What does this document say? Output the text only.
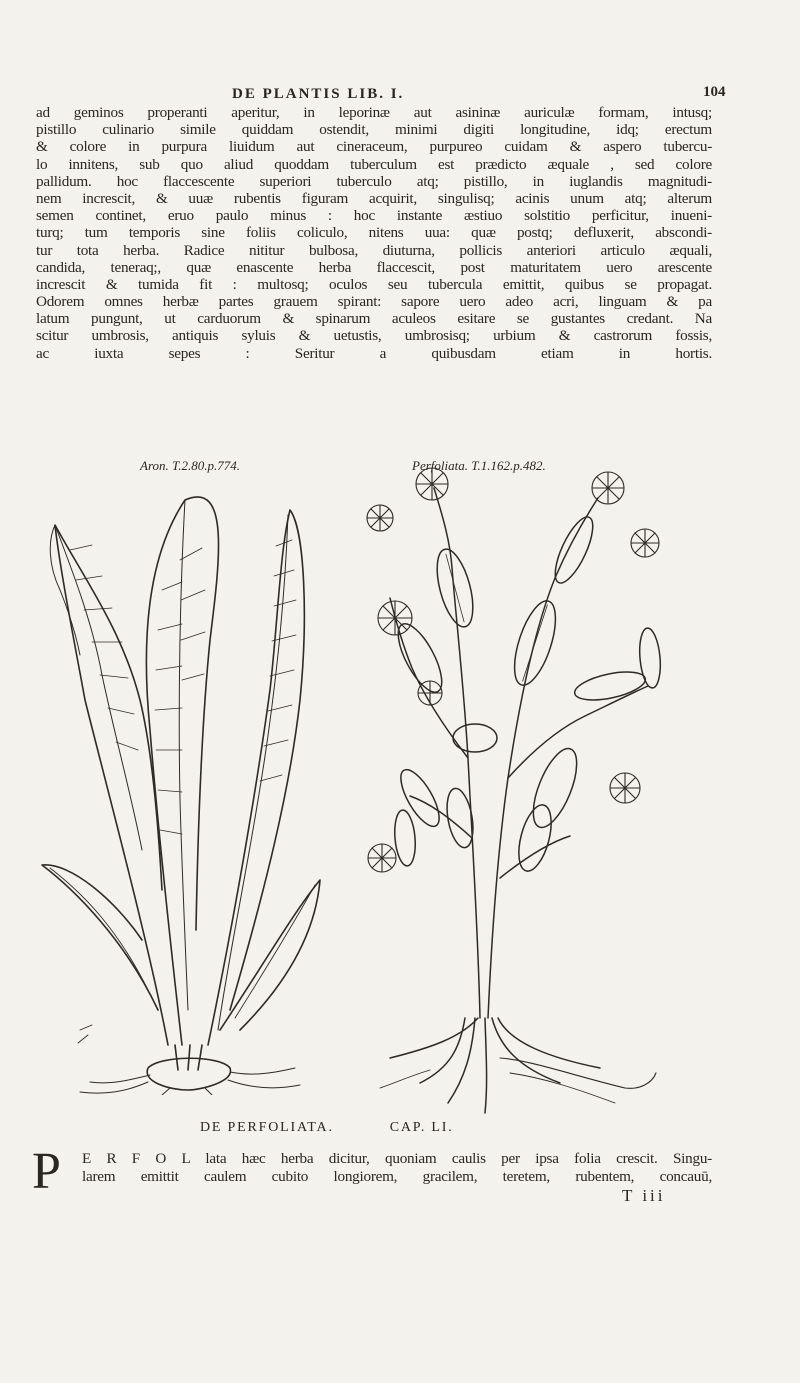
DE PLANTIS LIB. I.	104
ad geminos properanti aperitur, in leporinæ aut asininæ auriculæ formam, intusq;
pistillo culinario simile quiddam ostendit, minimi digiti longitudine, idq; erectum
& colore in purpura liuidum aut cineraceum, purpureo cuidam & aspero tubercu-
lo innitens, sub quo aliud quoddam tuberculum est prædicto æquale , sed colore
pallidum. hoc flaccescente superiori tuberculo atq; pistillo, in iuglandis magnitudi-
nem increscit, & uuæ rubentis figuram acquirit, singulisq; acinis unum atq; alterum
semen continet, eruo paulo minus : hoc instante æstiuo solstitio perficitur, inueni-
turq; tum temporis sine foliis coliculo, nitens uua: quæ postq; defluxerit, abscondi-
tur tota herba. Radice nititur bulbosa, diuturna, pollicis anteriori articulo æquali,
candida, teneraq;, quæ enascente herba flaccescit, post maturitatem uero arescente
increscit & tumida fit : multosq; oculos seu tubercula emittit, quibus se propagat.
Odorem omnes herbæ partes grauem spirant: sapore uero adeo acri, linguam & pa
latum pungunt, ut carduorum & spinarum aculeos esitare se gustantes credant. Na
scitur umbrosis, antiquis syluis & uetustis, umbrosisq; urbium & castrorum fossis,
ac iuxta sepes : Seritur a quibusdam etiam in hortis.
Aron. T.2.80.p.774.	Perfoliata. T.1.162.p.482.
DE PERFOLIATA.	CAP. LI.
P E R F O L lata hæc herba dicitur, quoniam caulis per ipsa folia crescit. Singu-
larem emittit caulem cubito longiorem, gracilem, teretem, rubentem, concauū,
T iii
